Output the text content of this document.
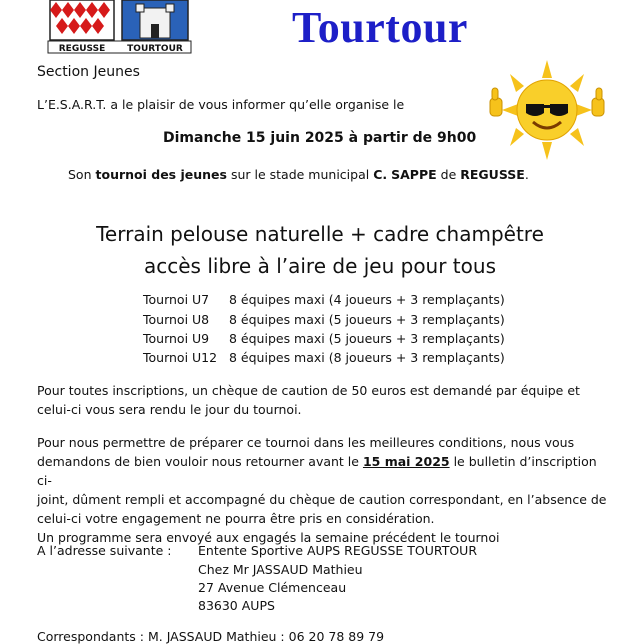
REGUSSE TOURTOUR Tourtour
Section Jeunes
L’E.S.A.R.T. a le plaisir de vous informer qu’elle organise le
Dimanche 15 juin 2025 à partir de 9h00
Son tournoi des jeunes sur le stade municipal C. SAPPE de REGUSSE.
Terrain pelouse naturelle + cadre champêtre
accès libre à l’aire de jeu pour tous
Tournoi U7 8 équipes maxi (4 joueurs + 3 remplaçants)
Tournoi U8 8 équipes maxi (5 joueurs + 3 remplaçants)
Tournoi U9 8 équipes maxi (5 joueurs + 3 remplaçants)
Tournoi U12 8 équipes maxi (8 joueurs + 3 remplaçants)
Pour toutes inscriptions, un chèque de caution de 50 euros est demandé par équipe et
celui-ci vous sera rendu le jour du tournoi.
Pour nous permettre de préparer ce tournoi dans les meilleures conditions, nous vous
demandons de bien vouloir nous retourner avant le 15 mai 2025 le bulletin d’inscription ci-
joint, dûment rempli et accompagné du chèque de caution correspondant, en l’absence de
celui-ci votre engagement ne pourra être pris en considération.
Un programme sera envoyé aux engagés la semaine précédent le tournoi
A l’adresse suivante : Entente Sportive AUPS REGUSSE TOURTOUR
Chez Mr JASSAUD Mathieu
27 Avenue Clémenceau
83630 AUPS
Correspondants : M. JASSAUD Mathieu : 06 20 78 89 79
